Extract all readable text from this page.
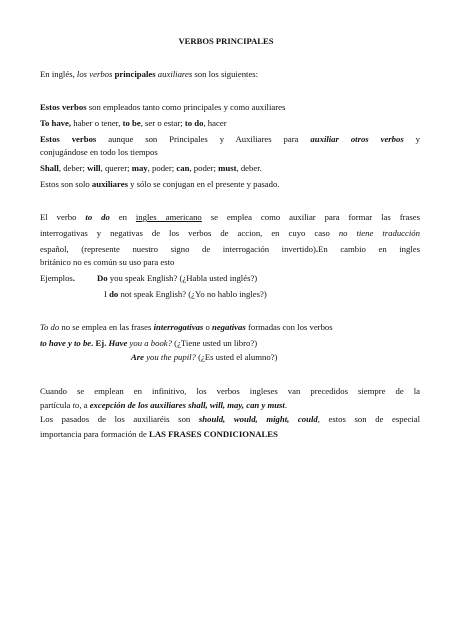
VERBOS PRINCIPALES
En inglés, los verbos principales auxiliares son los siguientes:
Estos verbos son empleados tanto como principales y como auxiliares
To have, haber o tener, to be, ser o estar; to do, hacer
Estos verbos aunque son Principales y Auxiliares para auxiliar otros verbos y
conjugándose en todo los tiempos
Shall, deber; will, querer; may, poder; can, poder; must, deber.
Estos son solo auxiliares y sólo se conjugan en el presente y pasado.
El verbo to do en ingles americano se emplea como auxiliar para formar las frases
interrogativas y negativas de los verbos de accion, en cuyo caso no tiene traducción
español, (represente nuestro signo de interrogación invertido).En cambio en ingles
británico no es común su uso para esto
Ejemplos.	Do you speak English? (¿Habla usted inglés?)
I do not speak English? (¿Yo no hablo ingles?)
To do no se emplea en las frases interrogativas o negativas formadas con los verbos
to have y to be. Ej. Have you a book? (¿Tiene usted un libro?)
Are you the pupil? (¿Es usted el alumno?)
Cuando se emplean en infinitivo, los verbos ingleses van precedidos siempre de la
partícula to, a excepción de los auxiliares shall, will, may, can y must.
Los pasados de los auxiliaréis son should, would, might, could, estos son de especial
importancia para formación de LAS FRASES CONDICIONALES
